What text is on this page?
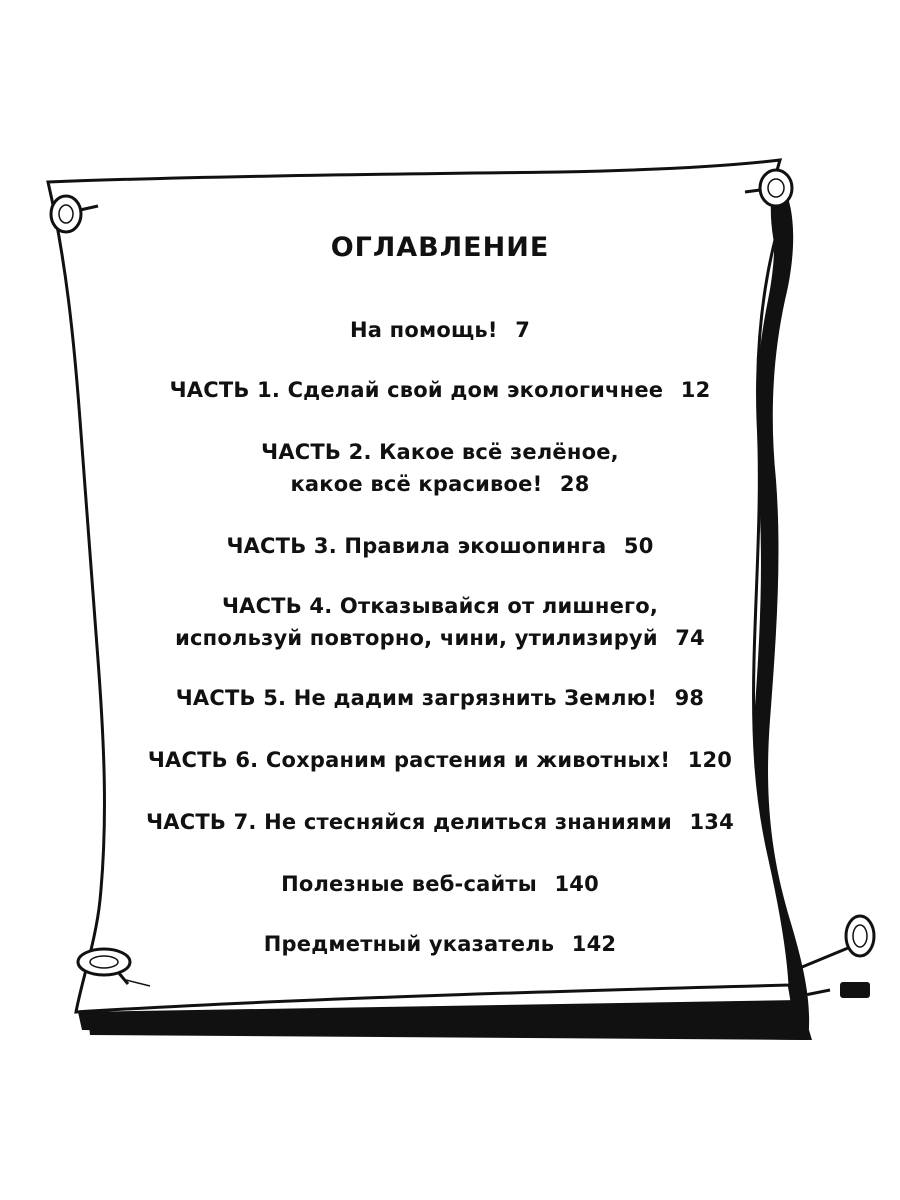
ОГЛАВЛЕНИЕ
На помощь! 7
ЧАСТЬ 1. Сделай свой дом экологичнее 12
ЧАСТЬ 2. Какое всё зелёное,
какое всё красивое! 28
ЧАСТЬ 3. Правила экошопинга 50
ЧАСТЬ 4. Отказывайся от лишнего,
используй повторно, чини, утилизируй 74
ЧАСТЬ 5. Не дадим загрязнить Землю! 98
ЧАСТЬ 6. Сохраним растения и животных! 120
ЧАСТЬ 7. Не стесняйся делиться знаниями 134
Полезные веб-сайты 140
Предметный указатель 142
